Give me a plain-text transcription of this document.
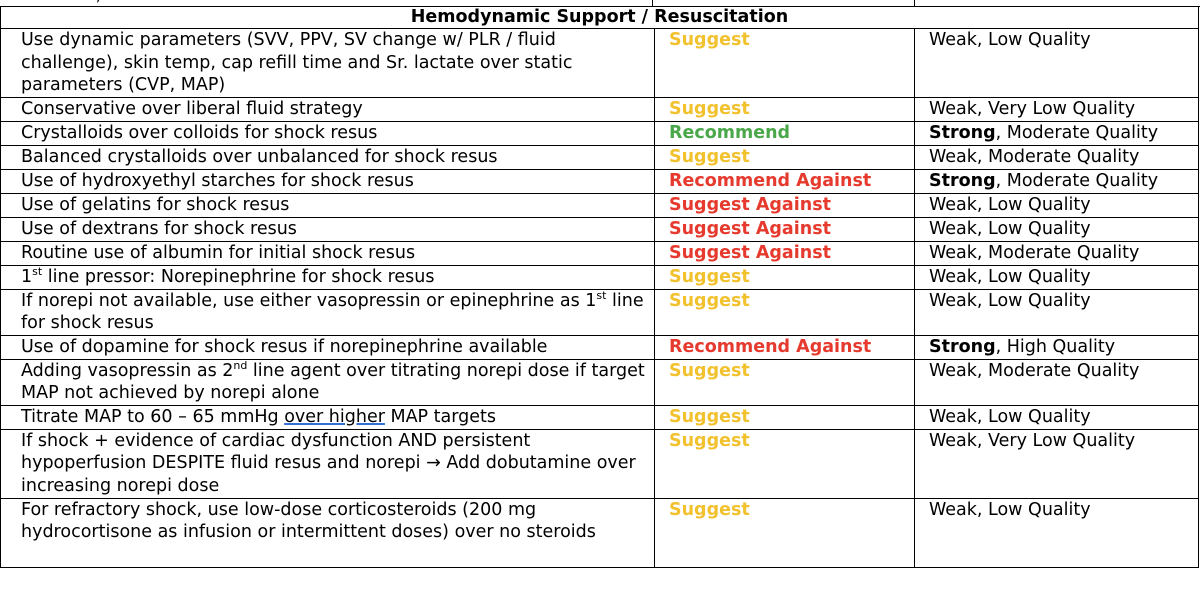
Hemodynamic Support / Resuscitation		
Use dynamic parameters (SVV, PPV, SV change w/ PLR / fluid challenge), skin temp, cap refill time and Sr. lactate over static parameters (CVP, MAP)	Suggest	Weak, Low Quality
Conservative over liberal fluid strategy	Suggest	Weak, Very Low Quality
Crystalloids over colloids for shock resus	Recommend	Strong, Moderate Quality
Balanced crystalloids over unbalanced for shock resus	Suggest	Weak, Moderate Quality
Use of hydroxyethyl starches for shock resus	Recommend Against	Strong, Moderate Quality
Use of gelatins for shock resus	Suggest Against	Weak, Low Quality
Use of dextrans for shock resus	Suggest Against	Weak, Low Quality
Routine use of albumin for initial shock resus	Suggest Against	Weak, Moderate Quality
1st line pressor: Norepinephrine for shock resus	Suggest	Weak, Low Quality
If norepi not available, use either vasopressin or epinephrine as 1st line for shock resus	Suggest	Weak, Low Quality
Use of dopamine for shock resus if norepinephrine available	Recommend Against	Strong, High Quality
Adding vasopressin as 2nd line agent over titrating norepi dose if target MAP not achieved by norepi alone	Suggest	Weak, Moderate Quality
Titrate MAP to 60 – 65 mmHg over higher MAP targets	Suggest	Weak, Low Quality
If shock + evidence of cardiac dysfunction AND persistent hypoperfusion DESPITE fluid resus and norepi → Add dobutamine over increasing norepi dose	Suggest	Weak, Very Low Quality
For refractory shock, use low-dose corticosteroids (200 mg hydrocortisone as infusion or intermittent doses) over no steroids	Suggest	Weak, Low Quality
